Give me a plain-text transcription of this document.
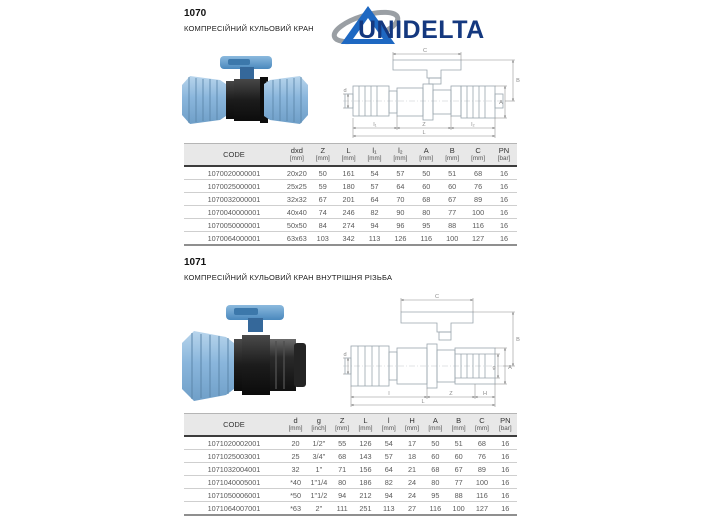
1070
КОМПРЕСІЙНИЙ КУЛЬОВИЙ КРАН UNIDELTA
C
B
A
d
l₁	Z	l₂
L
CODE	dxd
[mm]

Z
[mm]

L
[mm]

l₁
[mm]

l₂
[mm]

A
[mm]

B
[mm]

C
[mm]

PN
[bar]

1070020000001	20x20	50	161	54	57	50	51	68	16
1070025000001	25x25	59	180	57	64	60	60	76	16
1070032000001	32x32	67	201	64	70	68	67	89	16
1070040000001	40x40	74	246	82	90	80	77	100	16
1070050000001	50x50	84	274	94	96	95	88	116	16
1070064000001	63x63	103	342	113	126	116	100	127	16
1071
КОМПРЕСІЙНИЙ КУЛЬОВИЙ КРАН ВНУТРІШНЯ РІЗЬБА
C
B
A
g
d
l	Z	H
L
CODE	d
[mm]

g
[inch]

Z
[mm]

L
[mm]

l
[mm]

H
[mm]

A
[mm]

B
[mm]

C
[mm]

PN
[bar]

1071020002001	20	1/2"	55	126	54	17	50	51	68	16
1071025003001	25	3/4"	68	143	57	18	60	60	76	16
1071032004001	32	1"	71	156	64	21	68	67	89	16
1071040005001	*40	1"1/4	80	186	82	24	80	77	100	16
1071050006001	*50	1"1/2	94	212	94	24	95	88	116	16
1071064007001	*63	2"	111	251	113	27	116	100	127	16
